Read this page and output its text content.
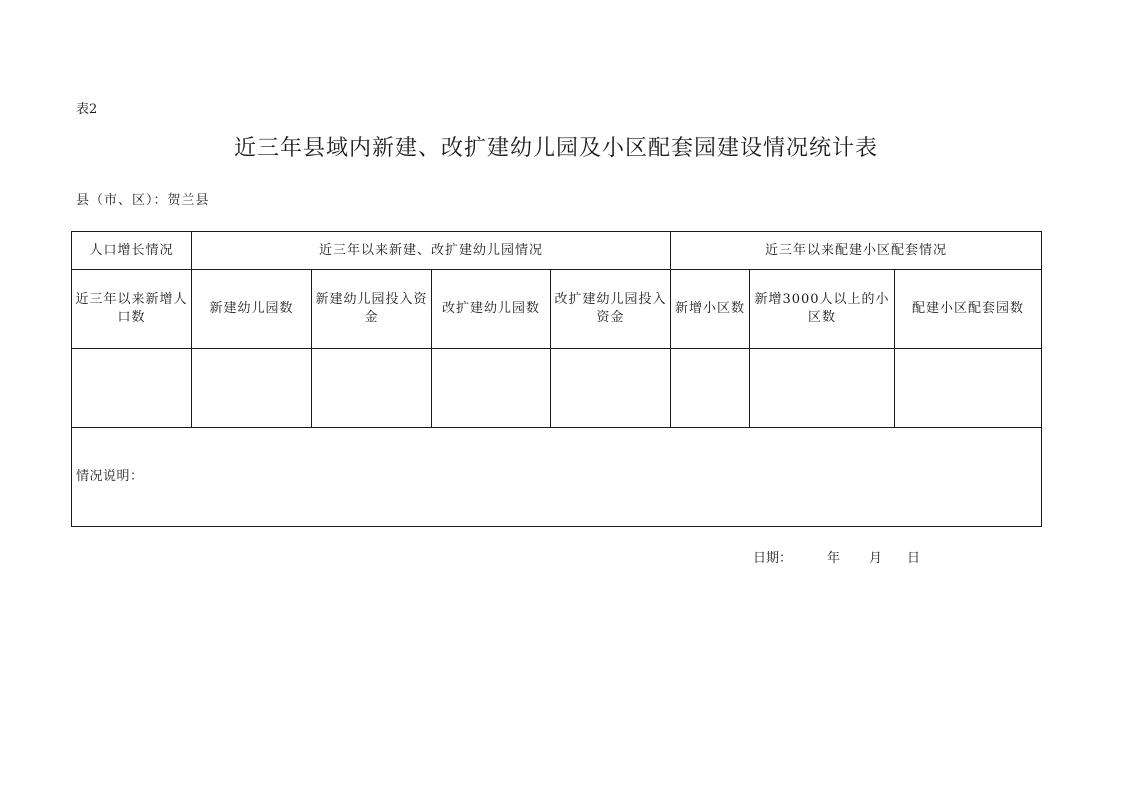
表2
近三年县域内新建、改扩建幼儿园及小区配套园建设情况统计表
县（市、区）：贺兰县
人口增长情况	近三年以来新建、改扩建幼儿园情况				近三年以来配建小区配套情况		
近三年以来新增人口数	新建幼儿园数	新建幼儿园投入资金	改扩建幼儿园数	改扩建幼儿园投入资金	新增小区数	新增3000人以上的小区数	配建小区配套园数

情况说明：							
日期：	年 月 日
